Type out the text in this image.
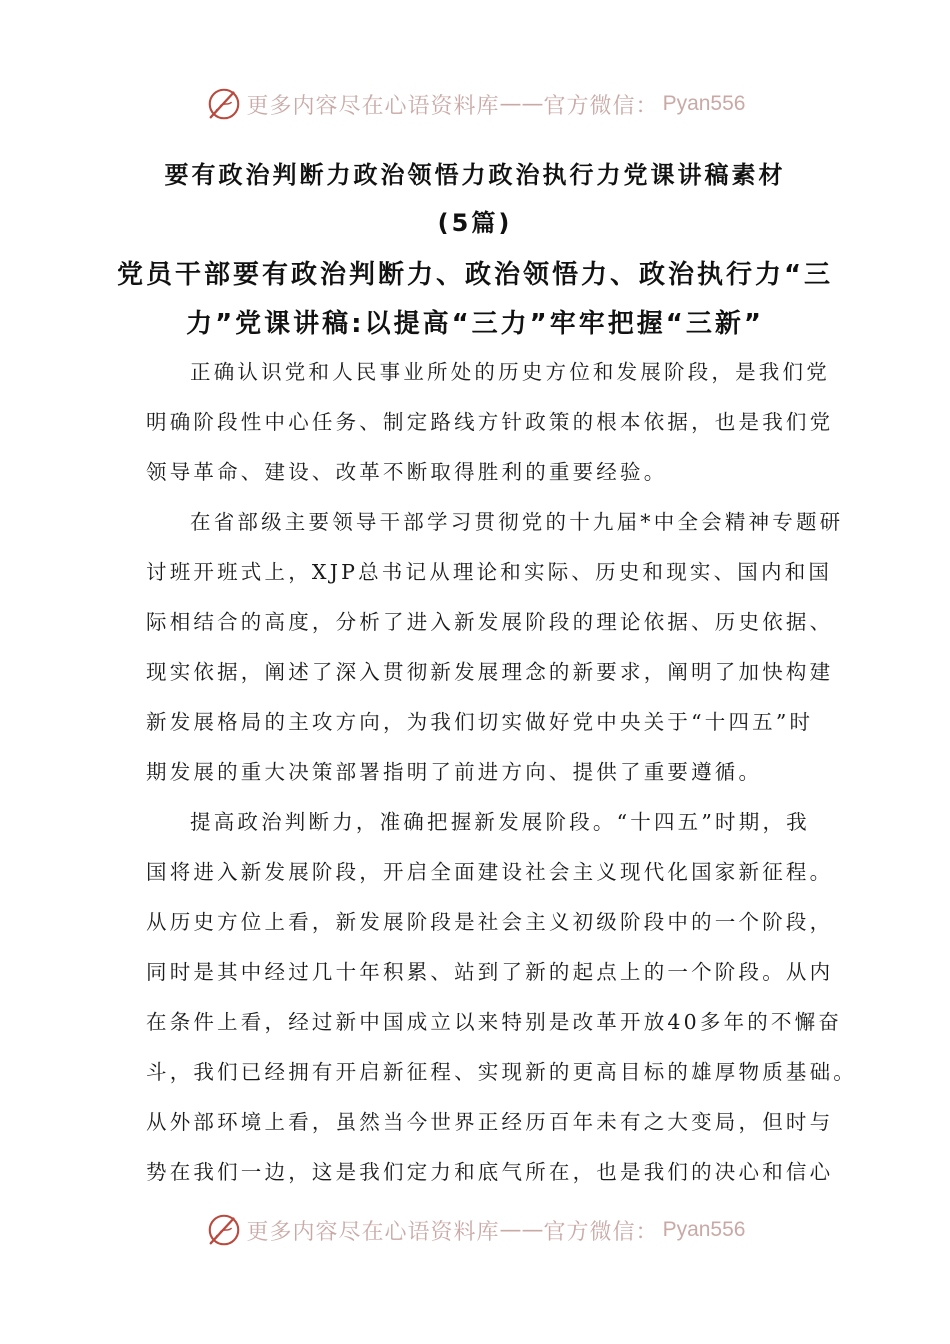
更多内容尽在心语资料库 —— 官方微信： Pyan556
要有政治判断力政治领悟力政治执行力党课讲稿素材
(5篇)
党员干部要有政治判断力、政治领悟力、政治执行力“三
力”党课讲稿:以提高“三力”牢牢把握“三新”

正确认识党和人民事业所处的历史方位和发展阶段，是我们党

明确阶段性中心任务、制定路线方针政策的根本依据，也是我们党

领导革命、建设、改革不断取得胜利的重要经验。

在省部级主要领导干部学习贯彻党的十九届*中全会精神专题研

讨班开班式上，XJP总书记从理论和实际、历史和现实、国内和国

际相结合的高度，分析了进入新发展阶段的理论依据、历史依据、

现实依据，阐述了深入贯彻新发展理念的新要求，阐明了加快构建

新发展格局的主攻方向，为我们切实做好党中央关于“十四五”时

期发展的重大决策部署指明了前进方向、提供了重要遵循。

提高政治判断力，准确把握新发展阶段。“十四五”时期，我

国将进入新发展阶段，开启全面建设社会主义现代化国家新征程。

从历史方位上看，新发展阶段是社会主义初级阶段中的一个阶段，

同时是其中经过几十年积累、站到了新的起点上的一个阶段。从内

在条件上看，经过新中国成立以来特别是改革开放40多年的不懈奋

斗，我们已经拥有开启新征程、实现新的更高目标的雄厚物质基础。

从外部环境上看，虽然当今世界正经历百年未有之大变局，但时与

势在我们一边，这是我们定力和底气所在，也是我们的决心和信心

更多内容尽在心语资料库 —— 官方微信： Pyan556
